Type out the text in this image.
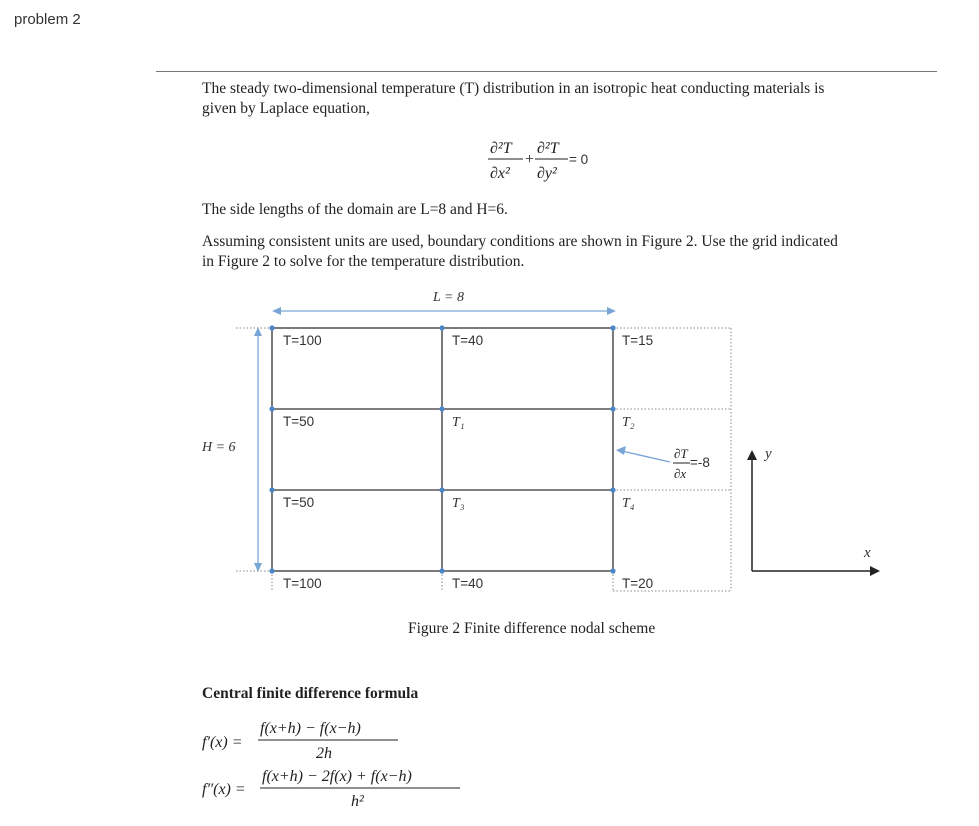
problem 2
The steady two-dimensional temperature (T) distribution in an isotropic heat conducting materials is
given by Laplace equation,
∂²T
∂x²
+
∂²T
∂y²
= 0
L = 8
H = 6
T=100	T=40	T=15
T=50	T₁	T₂
T=50	T₃	T₄
T=100	T=40	T=20
∂T
∂x
=-8
x
y
f′(x) =
f(x+h) − f(x−h)
2h
f″(x) =
f(x+h) − 2f(x) + f(x−h)
h²
The side lengths of the domain are L=8 and H=6.
Assuming consistent units are used, boundary conditions are shown in Figure 2. Use the grid indicated
in Figure 2 to solve for the temperature distribution.
Figure 2 Finite difference nodal scheme
Central finite difference formula
